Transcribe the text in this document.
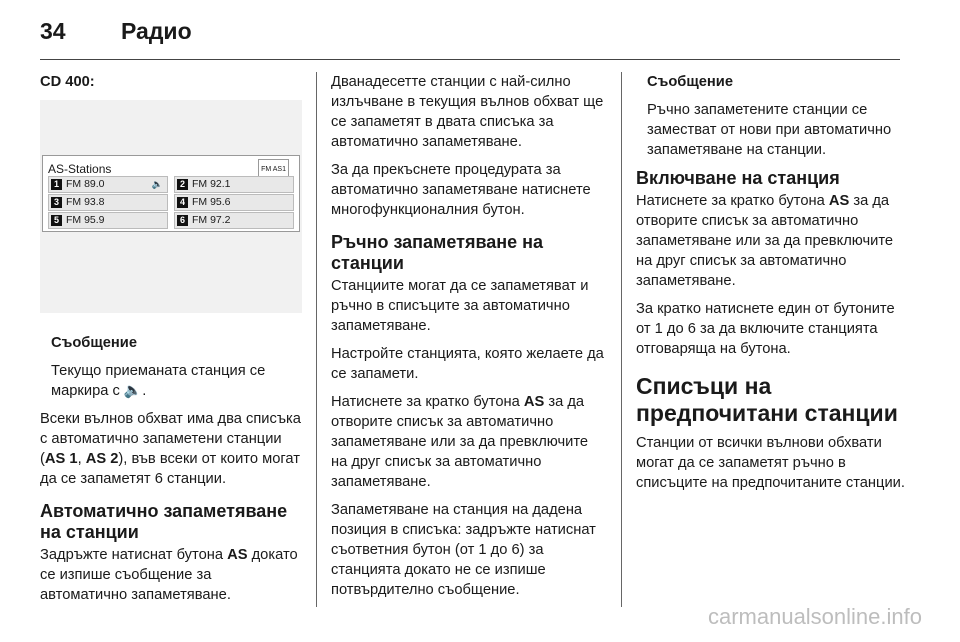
34 Радио

CD 400:

AS-Stations	FM AS1
1 FM 89.0	🔈	2 FM 92.1
3 FM 93.8	4 FM 95.6
5 FM 95.9	6 FM 97.2

Съобщение

Текущо приеманата станция се маркира с 🔈.

Всеки вълнов обхват има два списъка с автоматично запаметени станции (AS 1, AS 2), във всеки от които могат да се запаметят 6 станции.

Автоматично запаметяване на станции

Задръжте натиснат бутона AS докато се изпише съобщение за автоматично запаметяване.

Дванадесетте станции с най-силно излъчване в текущия вълнов обхват ще се запаметят в двата списъка за автоматично запаметяване.

За да прекъснете процедурата за автоматично запаметяване натиснете многофункционалния бутон.

Ръчно запаметяване на станции

Станциите могат да се запаметяват и ръчно в списъците за автоматично запаметяване.

Настройте станцията, която желаете да се запамети.

Натиснете за кратко бутона AS за да отворите списък за автоматично запаметяване или за да превключите на друг списък за автоматично запаметяване.

Запаметяване на станция на дадена позиция в списъка: задръжте натиснат съответния бутон (от 1 до 6) за станцията докато не се изпише потвърдително съобщение.

Съобщение

Ръчно запаметените станции се заместват от нови при автоматично запаметяване на станции.

Включване на станция

Натиснете за кратко бутона AS за да отворите списък за автоматично запаметяване или за да превключите на друг списък за автоматично запаметяване.

За кратко натиснете един от бутоните от 1 до 6 за да включите станцията отговаряща на бутона.

Списъци на предпочитани станции

Станции от всички вълнови обхвати могат да се запаметят ръчно в списъците на предпочитаните станции.

carmanualsonline.info
